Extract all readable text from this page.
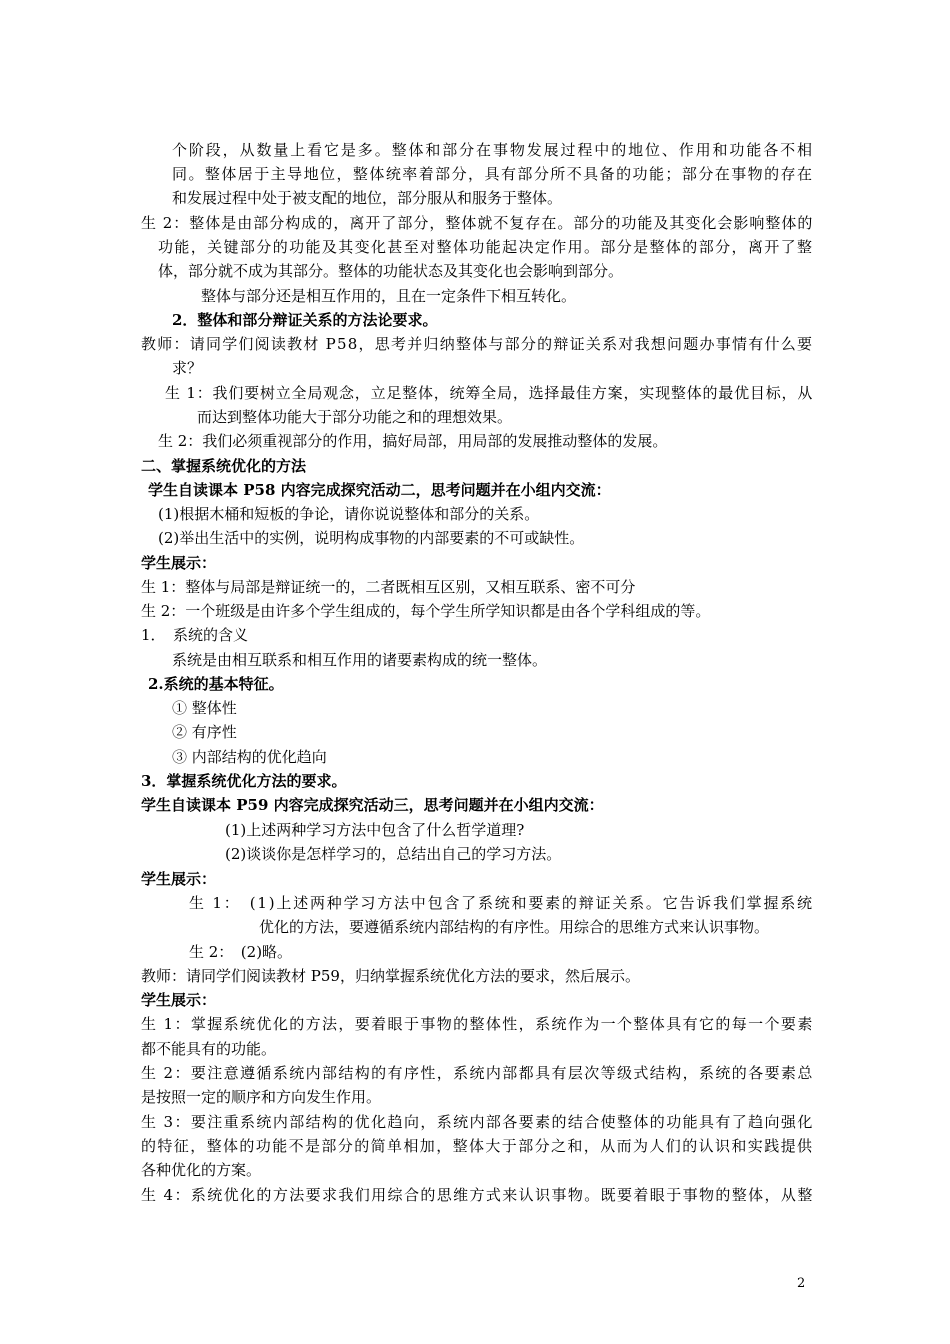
个阶段，从数量上看它是多。整体和部分在事物发展过程中的地位、作用和功能各不相
同。整体居于主导地位，整体统率着部分，具有部分所不具备的功能；部分在事物的存在
和发展过程中处于被支配的地位，部分服从和服务于整体。
生 2：整体是由部分构成的，离开了部分，整体就不复存在。部分的功能及其变化会影响整体的
功能，关键部分的功能及其变化甚至对整体功能起决定作用。部分是整体的部分，离开了整
体，部分就不成为其部分。整体的功能状态及其变化也会影响到部分。
整体与部分还是相互作用的，且在一定条件下相互转化。
2．整体和部分辩证关系的方法论要求。
教师：请同学们阅读教材 P58，思考并归纳整体与部分的辩证关系对我想问题办事情有什么要
求？
生 1：我们要树立全局观念，立足整体，统筹全局，选择最佳方案，实现整体的最优目标，从
而达到整体功能大于部分功能之和的理想效果。
生 2：我们必须重视部分的作用，搞好局部，用局部的发展推动整体的发展。
二、掌握系统优化的方法
学生自读课本 P58 内容完成探究活动二，思考问题并在小组内交流：
(1)根据木桶和短板的争论，请你说说整体和部分的关系。
(2)举出生活中的实例，说明构成事物的内部要素的不可或缺性。
学生展示：
生 1：整体与局部是辩证统一的，二者既相互区别，又相互联系、密不可分
生 2：一个班级是由许多个学生组成的，每个学生所学知识都是由各个学科组成的等。
1．　系统的含义
系统是由相互联系和相互作用的诸要素构成的统一整体。
2.系统的基本特征。
① 整体性
② 有序性
③ 内部结构的优化趋向
3．掌握系统优化方法的要求。
学生自读课本 P59 内容完成探究活动三，思考问题并在小组内交流：
(1)上述两种学习方法中包含了什么哲学道理?
(2)谈谈你是怎样学习的，总结出自己的学习方法。
学生展示：
生 1：　(1)上述两种学习方法中包含了系统和要素的辩证关系。它告诉我们掌握系统
优化的方法，要遵循系统内部结构的有序性。用综合的思维方式来认识事物。
生 2：　(2)略。
教师：请同学们阅读教材 P59，归纳掌握系统优化方法的要求，然后展示。
学生展示：
生 1：掌握系统优化的方法，要着眼于事物的整体性，系统作为一个整体具有它的每一个要素
都不能具有的功能。
生 2：要注意遵循系统内部结构的有序性，系统内部都具有层次等级式结构，系统的各要素总
是按照一定的顺序和方向发生作用。
生 3：要注重系统内部结构的优化趋向，系统内部各要素的结合使整体的功能具有了趋向强化
的特征，整体的功能不是部分的简单相加，整体大于部分之和，从而为人们的认识和实践提供
各种优化的方案。
生 4：系统优化的方法要求我们用综合的思维方式来认识事物。既要着眼于事物的整体，从整
2
